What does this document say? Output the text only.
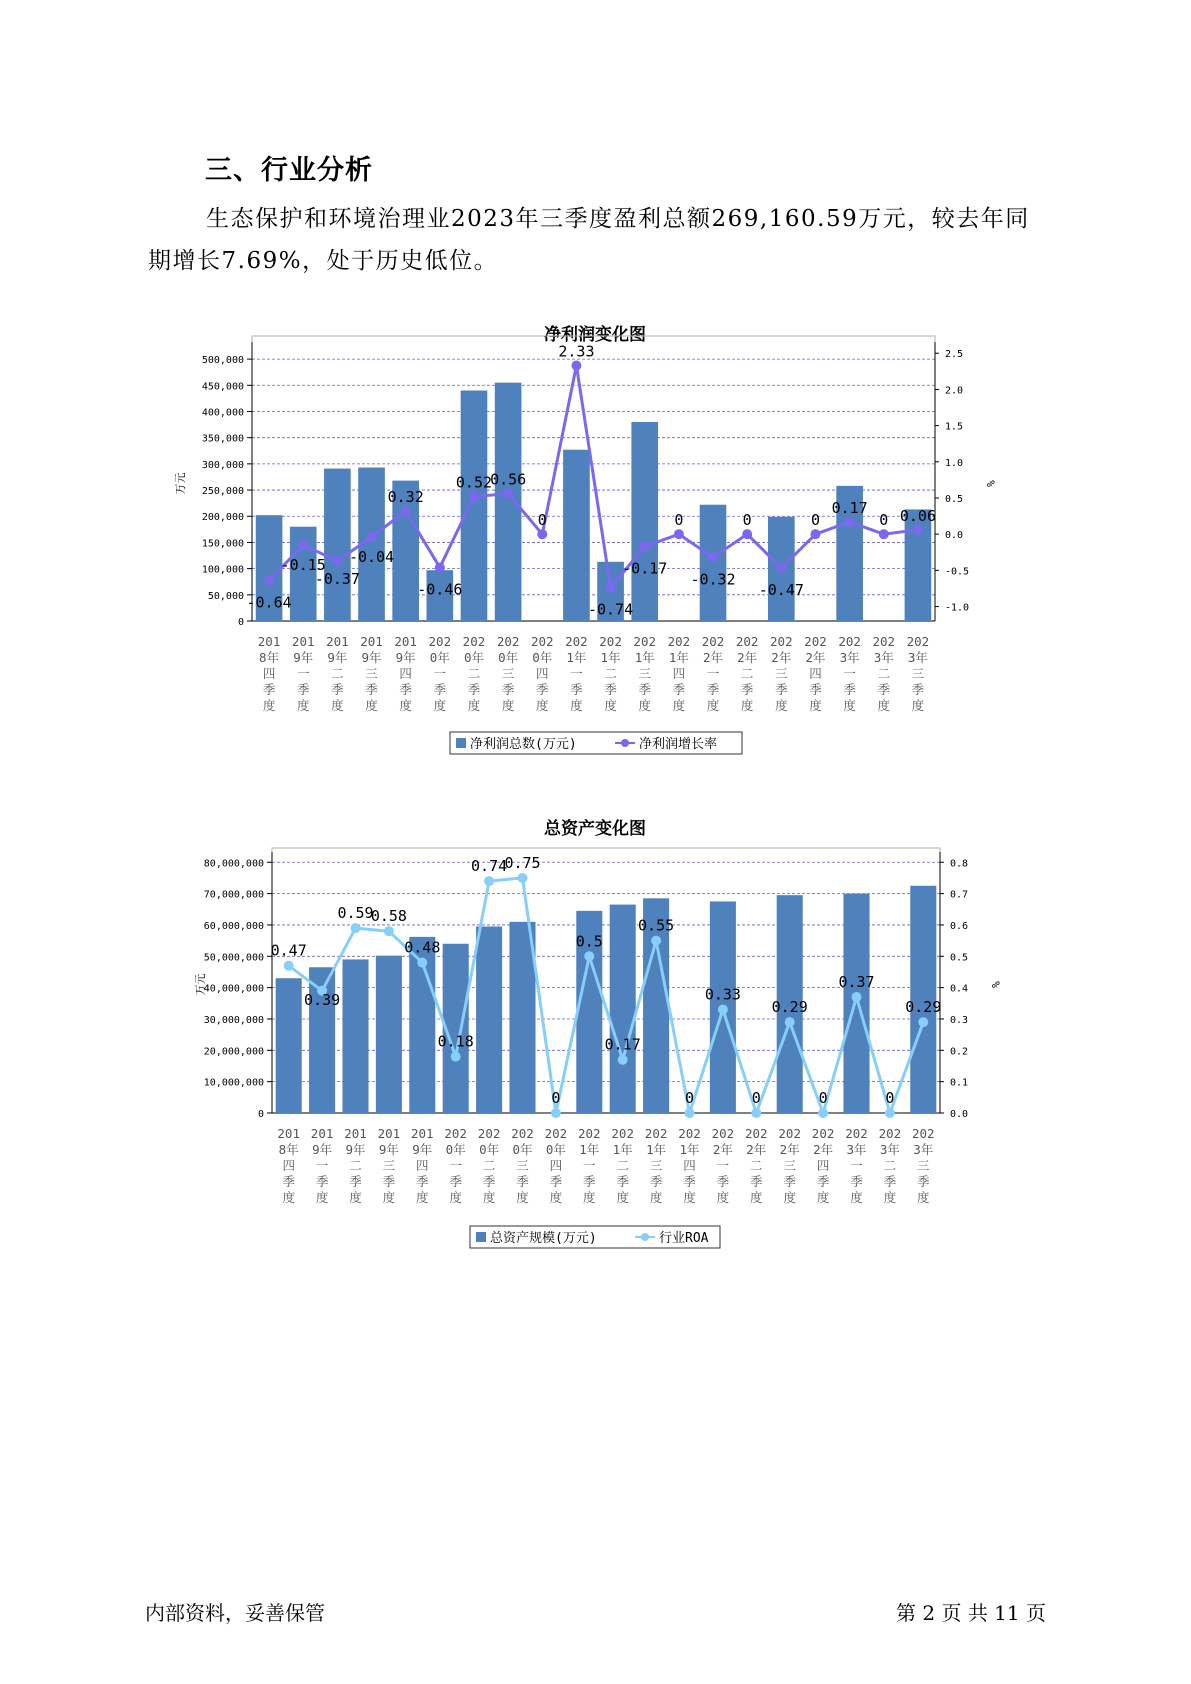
三、行业分析
生态保护和环境治理业2023年三季度盈利总额269,160.59万元，较去年同期增长7.69%，处于历史低位。
净利润变化图
0
50,000
100,000
150,000
200,000
250,000
300,000
350,000
400,000
450,000
500,000
-1.0
-0.5
0.0
0.5
1.0
1.5
2.0
2.5
万元	%
-0.64
-0.15
-0.37
-0.04
0.32
-0.46
0.52
0.56
0
2.33
-0.74
-0.17
0
-0.32
0
-0.47
0
0.17
0 0.06
201
8年
四
季
度
201
9年
一
季
度
201
9年
二
季
度
201
9年
三
季
度
201
9年
四
季
度
202
0年
一
季
度
202
0年
二
季
度
202
0年
三
季
度
202
0年
四
季
度
202
1年
一
季
度
202
1年
二
季
度
202
1年
三
季
度
202
1年
四
季
度
202
2年
一
季
度
202
2年
二
季
度
202
2年
三
季
度
202
2年
四
季
度
202
3年
一
季
度
202
3年
二
季
度
202
3年
三
季
度
净利润总数(万元)	净利润增长率
总资产变化图
0
10,000,000
20,000,000
30,000,000
40,000,000
50,000,000
60,000,000
70,000,000
80,000,000
0.0
0.1
0.2
0.3
0.4
0.5
0.6
0.7
0.8
万元	%
0.47
0.39
0.59
0.58
0.48
0.18
0.74
0.75
0
0.5
0.17
0.55
0
0.33
0
0.29
0
0.37
0
0.29
201
8年
四
季
度
201
9年
一
季
度
201
9年
二
季
度
201
9年
三
季
度
201
9年
四
季
度
202
0年
一
季
度
202
0年
二
季
度
202
0年
三
季
度
202
0年
四
季
度
202
1年
一
季
度
202
1年
二
季
度
202
1年
三
季
度
202
1年
四
季
度
202
2年
一
季
度
202
2年
二
季
度
202
2年
三
季
度
202
2年
四
季
度
202
3年
一
季
度
202
3年
二
季
度
202
3年
三
季
度
总资产规模(万元)	行业ROA
内部资料，妥善保管	第 2 页 共 11 页
